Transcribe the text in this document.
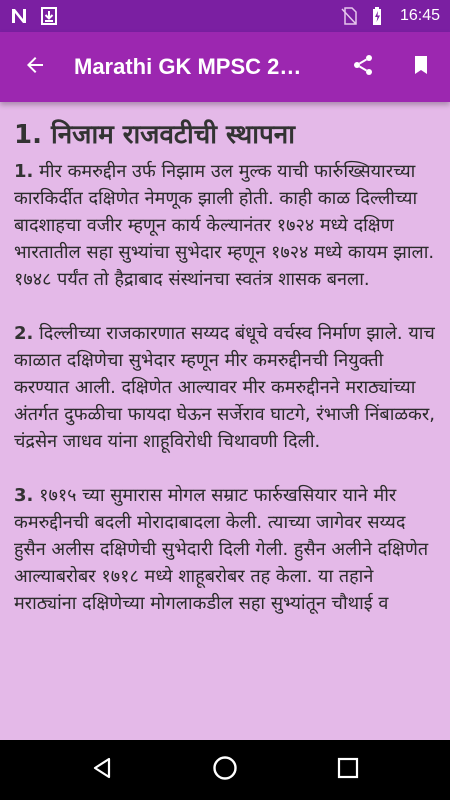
16:45
Marathi GK MPSC 2…
1. निजाम राजवटीची स्थापना

1. मीर कमरुद्दीन उर्फ निझाम उल मुल्क याची फार्रुख्सियारच्या कारकिर्दीत दक्षिणेत नेमणूक झाली होती. काही काळ दिल्लीच्या बादशाहचा वजीर म्हणून कार्य केल्यानंतर १७२४ मध्ये दक्षिण भारतातील सहा सुभ्यांचा सुभेदार म्हणून १७२४ मध्ये कायम झाला. १७४८ पर्यंत तो हैद्राबाद संस्थांनचा स्वतंत्र शासक बनला.

2. दिल्लीच्या राजकारणात सय्यद बंधूचे वर्चस्व निर्माण झाले. याच काळात दक्षिणेचा सुभेदार म्हणून मीर कमरुद्दीनची नियुक्ती करण्यात आली. दक्षिणेत आल्यावर मीर कमरुद्दीनने मराठ्यांच्या अंतर्गत दुफळीचा फायदा घेऊन सर्जेराव घाटगे, रंभाजी निंबाळकर, चंद्रसेन जाधव यांना शाहूविरोधी चिथावणी दिली.

3. १७१५ च्या सुमारास मोगल सम्राट फार्रुखसियार याने मीर कमरुद्दीनची बदली मोरादाबादला केली. त्याच्या जागेवर सय्यद हुसैन अलीस दक्षिणेची सुभेदारी दिली गेली. हुसैन अलीने दक्षिणेत आल्याबरोबर १७१८ मध्ये शाहूबरोबर तह केला. या तहाने मराठ्यांना दक्षिणेच्या मोगलाकडील सहा सुभ्यांतून चौथाई व
